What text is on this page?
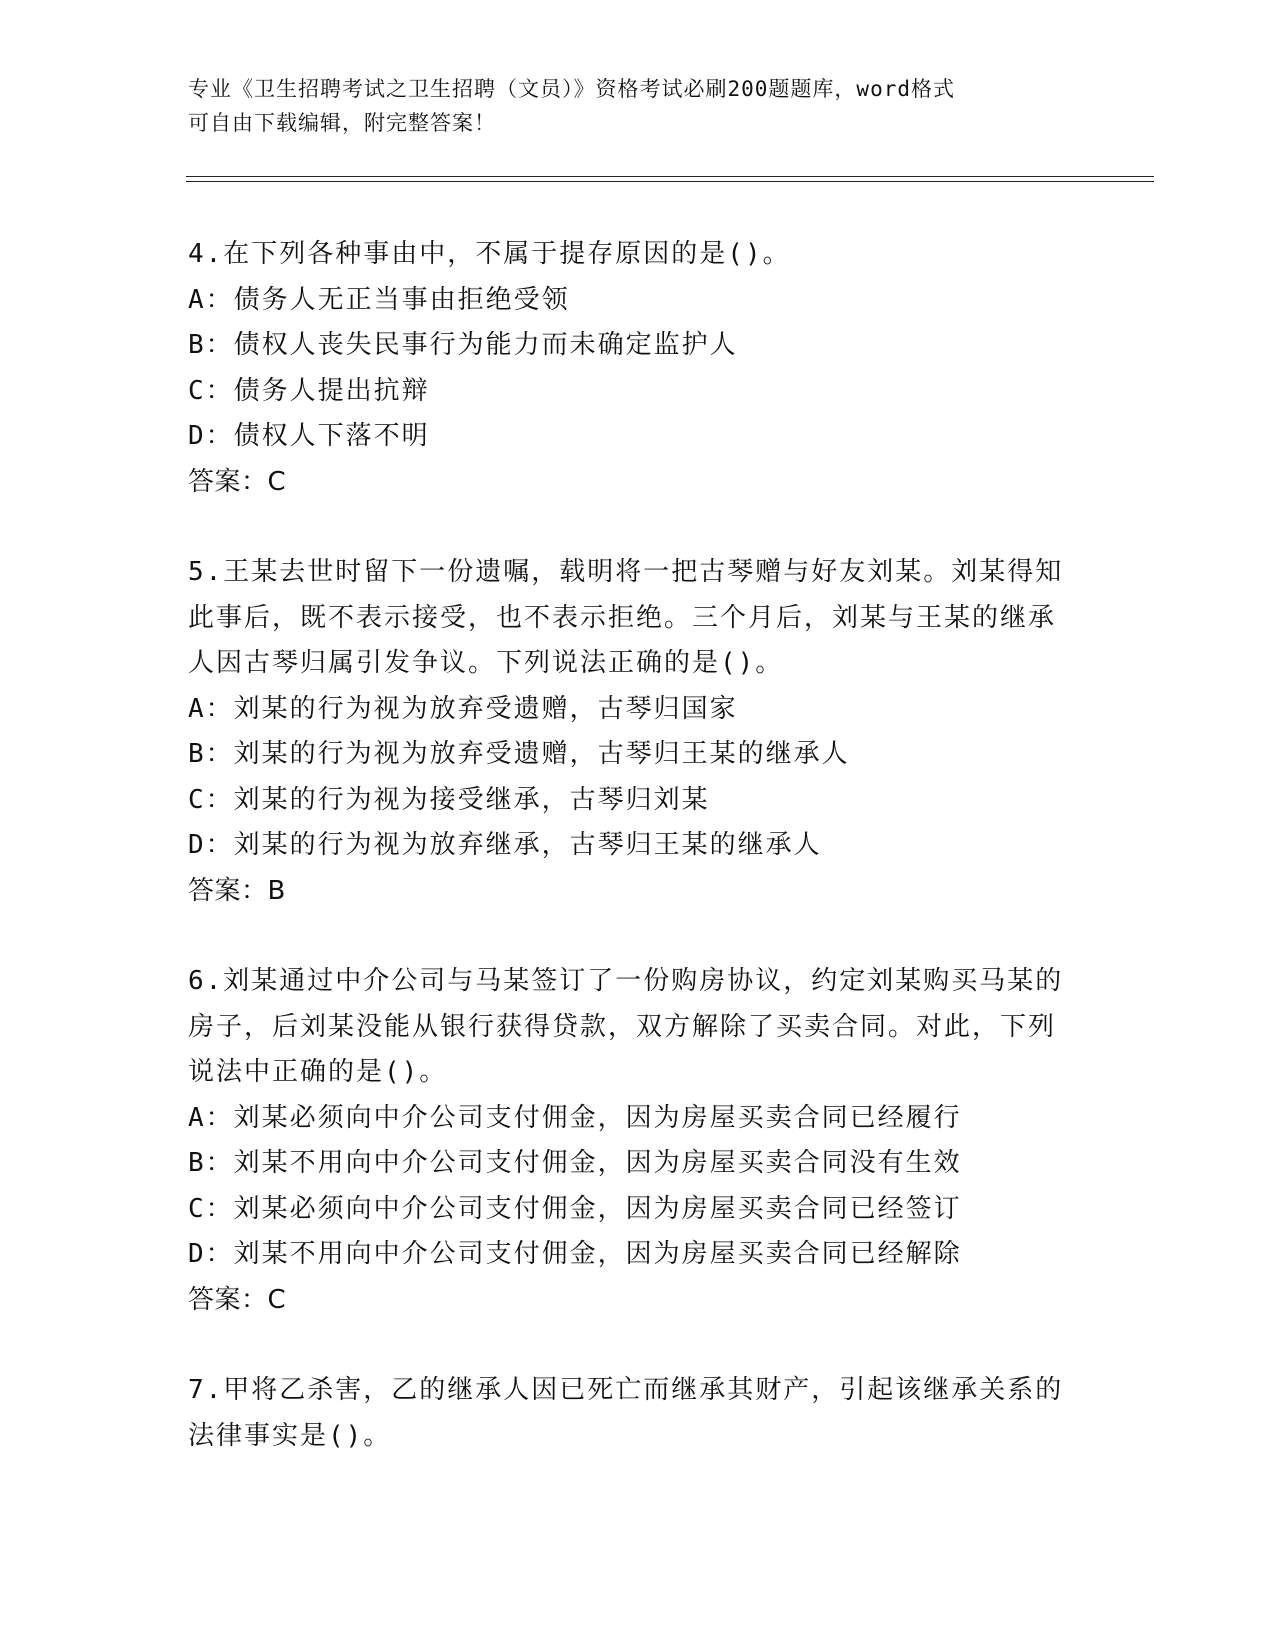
专业《卫生招聘考试之卫生招聘（文员）》资格考试必刷200题题库，word格式
可自由下载编辑，附完整答案！
4.在下列各种事由中，不属于提存原因的是()。
A：债务人无正当事由拒绝受领
B：债权人丧失民事行为能力而未确定监护人
C：债务人提出抗辩
D：债权人下落不明
答案：C
5.王某去世时留下一份遗嘱，载明将一把古琴赠与好友刘某。刘某得知此事后，既不表示接受，也不表示拒绝。三个月后，刘某与王某的继承人因古琴归属引发争议。下列说法正确的是()。
A：刘某的行为视为放弃受遗赠，古琴归国家
B：刘某的行为视为放弃受遗赠，古琴归王某的继承人
C：刘某的行为视为接受继承，古琴归刘某
D：刘某的行为视为放弃继承，古琴归王某的继承人
答案：B
6.刘某通过中介公司与马某签订了一份购房协议，约定刘某购买马某的房子，后刘某没能从银行获得贷款，双方解除了买卖合同。对此，下列说法中正确的是()。
A：刘某必须向中介公司支付佣金，因为房屋买卖合同已经履行
B：刘某不用向中介公司支付佣金，因为房屋买卖合同没有生效
C：刘某必须向中介公司支付佣金，因为房屋买卖合同已经签订
D：刘某不用向中介公司支付佣金，因为房屋买卖合同已经解除
答案：C
7.甲将乙杀害，乙的继承人因已死亡而继承其财产，引起该继承关系的法律事实是()。
